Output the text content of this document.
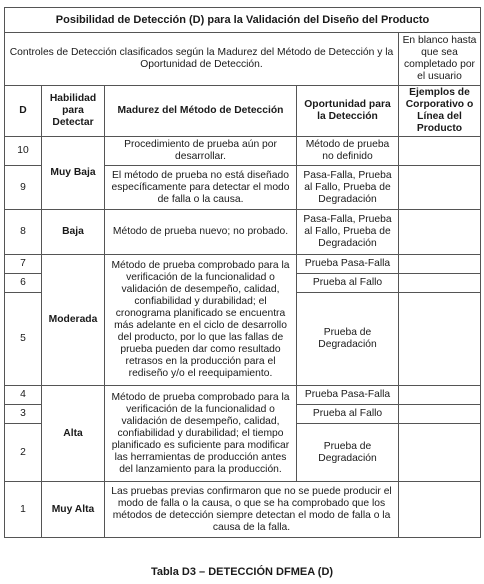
Posibilidad de Detección (D) para la Validación del Diseño del Producto				
Controles de Detección clasificados según la Madurez del Método de Detección y la Oportunidad de Detección.				En blanco hasta que sea completado por el usuario
D	Habilidad para Detectar	Madurez del Método de Detección	Oportunidad para la Detección	Ejemplos de Corporativo o Línea del Producto
10	Muy Baja	Procedimiento de prueba aún por desarrollar.	Método de prueba no definido	
9		El método de prueba no está diseñado específicamente para detectar el modo de falla o la causa.	Pasa-Falla, Prueba al Fallo, Prueba de Degradación	
8	Baja	Método de prueba nuevo; no probado.	Pasa-Falla, Prueba al Fallo, Prueba de Degradación	
7	Moderada	Método de prueba comprobado para la verificación de la funcionalidad o validación de desempeño, calidad, confiabilidad y durabilidad; el cronograma planificado se encuentra más adelante en el ciclo de desarrollo del producto, por lo que las fallas de prueba pueden dar como resultado retrasos en la producción para el rediseño y/o el reequipamiento.	Prueba Pasa-Falla	
6			Prueba al Fallo	
5			Prueba de Degradación	
4	Alta	Método de prueba comprobado para la verificación de la funcionalidad o validación de desempeño, calidad, confiabilidad y durabilidad; el tiempo planificado es suficiente para modificar las herramientas de producción antes del lanzamiento para la producción.	Prueba Pasa-Falla	
3			Prueba al Fallo	
2			Prueba de Degradación	
1	Muy Alta	Las pruebas previas confirmaron que no se puede producir el modo de falla o la causa, o que se ha comprobado que los métodos de detección siempre detectan el modo de falla o la causa de la falla.		
Tabla D3 – DETECCIÓN DFMEA (D)
